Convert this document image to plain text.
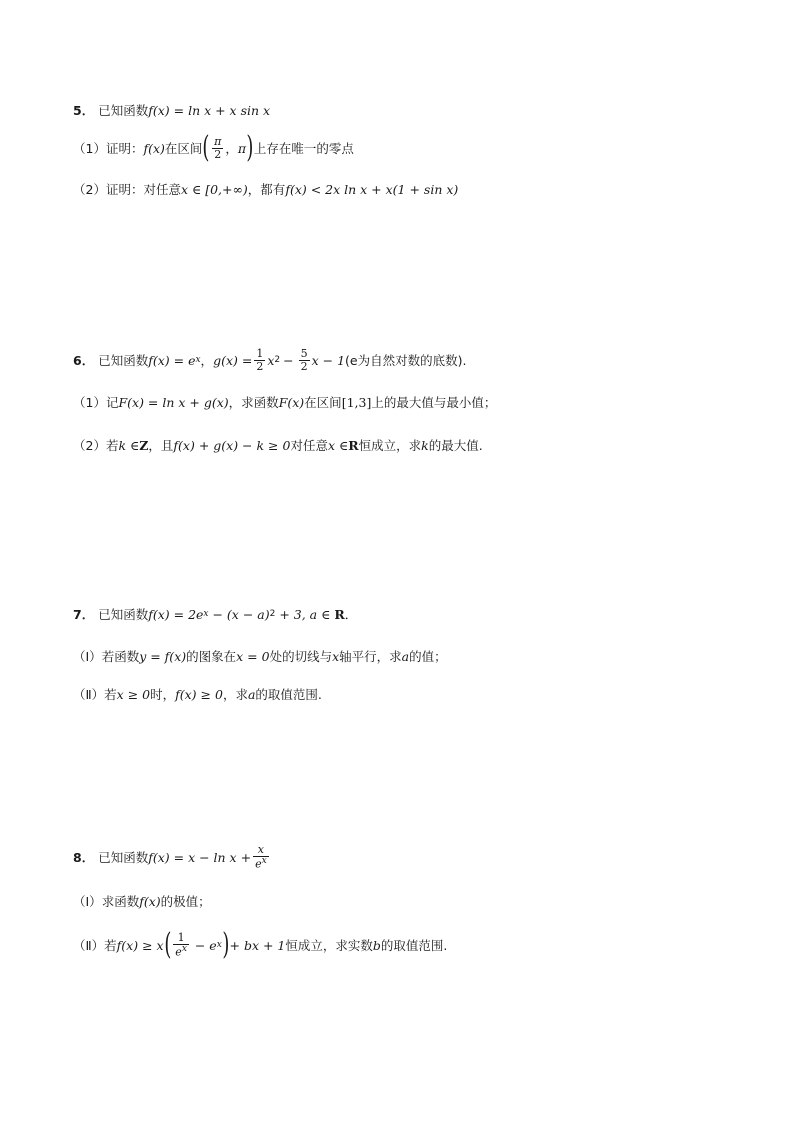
5． 已知函数 f(x) = ln x + x sin x
（1） 证明： f(x) 在区间 ( $\frac{\pi}{2}$ ， π ) 上存在唯一的零点
（2） 证明：对任意 x ∈ [0,+∞) ，都有 f(x) < 2x ln x + x(1 + sin x)
6． 已知函数 f(x) = e x ， $g(x) = \frac{1}{2}$ x $2 - \frac{5}{2}$ x − 1 (e为自然对数的底数).
（1） 记 F(x) = ln x + g(x) ，求函数 F(x) 在区间 [1,3] 上的最大值与最小值；
（2） 若 k ∈ Z ，且 f(x) + g(x) − k ≥ 0 对任意 x ∈ R 恒成立，求 k 的最大值.
7． 已知函数 f(x) = 2e x − (x − a) 2 + 3, a ∈ R ．
（Ⅰ） 若函数 y = f(x) 的图象在 x = 0 处的切线与 x 轴平行，求 a 的值；
（Ⅱ） 若 x ≥ 0 时， f(x) ≥ 0 ，求 a 的取值范围.
8． 已知函数 $f(x) = x - \ln x + \frac{x}{e^x}$
（Ⅰ） 求函数 f(x) 的极值；
（Ⅱ） 若 f(x) ≥ x ( $\frac{1}{e^x} - e$ x ) + bx + 1 恒成立，求实数 b 的取值范围.
